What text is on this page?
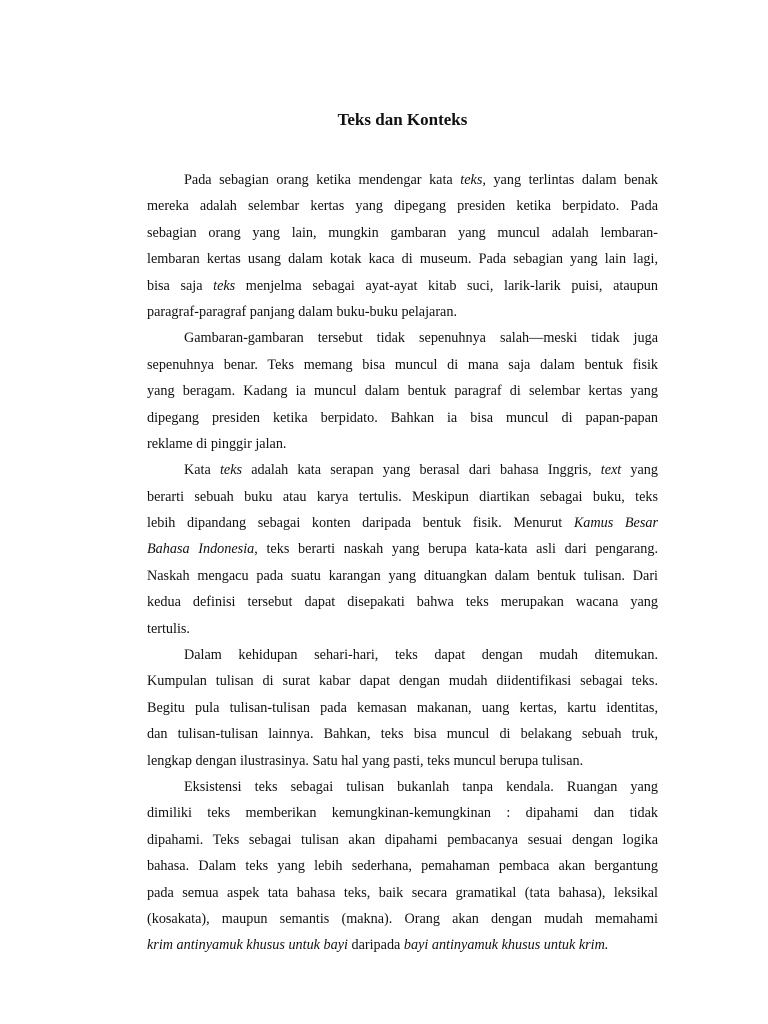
Teks dan Konteks
Pada sebagian orang ketika mendengar kata teks, yang terlintas dalam benak
mereka adalah selembar kertas yang dipegang presiden ketika berpidato. Pada
sebagian orang yang lain, mungkin gambaran yang muncul adalah lembaran-
lembaran kertas usang dalam kotak kaca di museum. Pada sebagian yang lain lagi,
bisa saja teks menjelma sebagai ayat-ayat kitab suci, larik-larik puisi, ataupun
paragraf-paragraf panjang dalam buku-buku pelajaran.
Gambaran-gambaran tersebut tidak sepenuhnya salah—meski tidak juga
sepenuhnya benar. Teks memang bisa muncul di mana saja dalam bentuk fisik
yang beragam. Kadang ia muncul dalam bentuk paragraf di selembar kertas yang
dipegang presiden ketika berpidato. Bahkan ia bisa muncul di papan-papan
reklame di pinggir jalan.
Kata teks adalah kata serapan yang berasal dari bahasa Inggris, text yang
berarti sebuah buku atau karya tertulis. Meskipun diartikan sebagai buku, teks
lebih dipandang sebagai konten daripada bentuk fisik. Menurut Kamus Besar
Bahasa Indonesia, teks berarti naskah yang berupa kata-kata asli dari pengarang.
Naskah mengacu pada suatu karangan yang dituangkan dalam bentuk tulisan. Dari
kedua definisi tersebut dapat disepakati bahwa teks merupakan wacana yang
tertulis.
Dalam kehidupan sehari-hari, teks dapat dengan mudah ditemukan.
Kumpulan tulisan di surat kabar dapat dengan mudah diidentifikasi sebagai teks.
Begitu pula tulisan-tulisan pada kemasan makanan, uang kertas, kartu identitas,
dan tulisan-tulisan lainnya. Bahkan, teks bisa muncul di belakang sebuah truk,
lengkap dengan ilustrasinya. Satu hal yang pasti, teks muncul berupa tulisan.
Eksistensi teks sebagai tulisan bukanlah tanpa kendala. Ruangan yang
dimiliki teks memberikan kemungkinan-kemungkinan : dipahami dan tidak
dipahami. Teks sebagai tulisan akan dipahami pembacanya sesuai dengan logika
bahasa. Dalam teks yang lebih sederhana, pemahaman pembaca akan bergantung
pada semua aspek tata bahasa teks, baik secara gramatikal (tata bahasa), leksikal
(kosakata), maupun semantis (makna). Orang akan dengan mudah memahami
krim antinyamuk khusus untuk bayi daripada bayi antinyamuk khusus untuk krim.
